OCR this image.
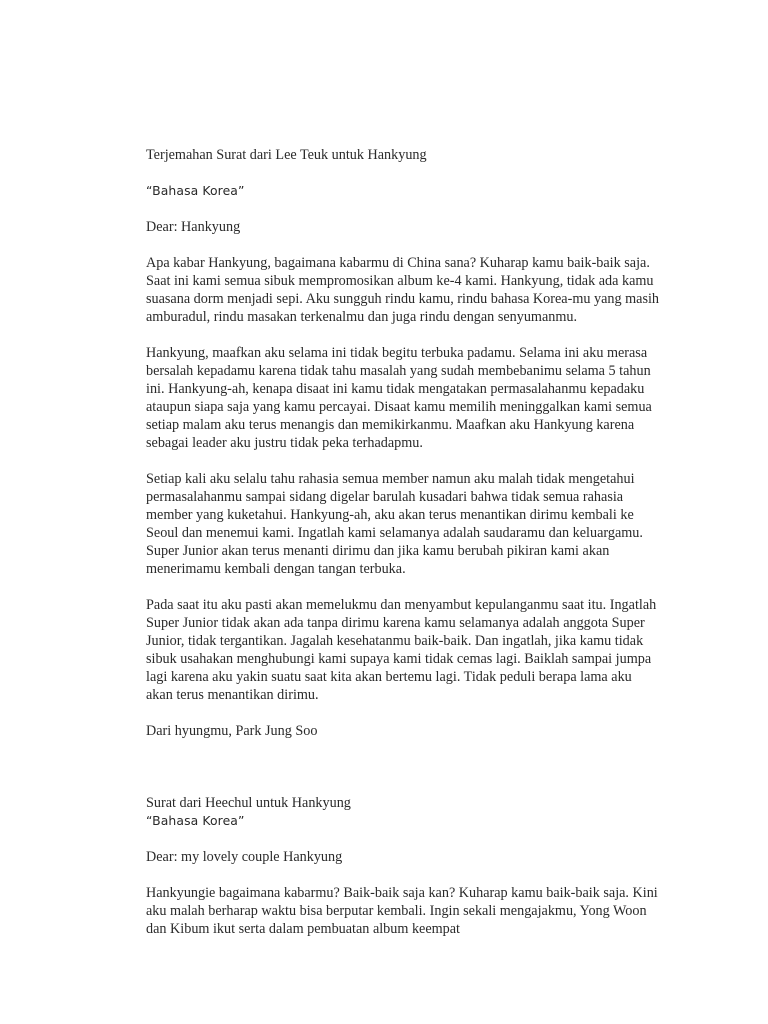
Terjemahan Surat dari Lee Teuk untuk Hankyung

“Bahasa Korea”

Dear: Hankyung

Apa kabar Hankyung, bagaimana kabarmu di China sana? Kuharap kamu baik-baik saja. Saat ini kami semua sibuk mempromosikan album ke-4 kami. Hankyung, tidak ada kamu suasana dorm menjadi sepi. Aku sungguh rindu kamu, rindu bahasa Korea-mu yang masih amburadul, rindu masakan terkenalmu dan juga rindu dengan senyumanmu.

Hankyung, maafkan aku selama ini tidak begitu terbuka padamu. Selama ini aku merasa bersalah kepadamu karena tidak tahu masalah yang sudah membebanimu selama 5 tahun ini. Hankyung-ah, kenapa disaat ini kamu tidak mengatakan permasalahanmu kepadaku ataupun siapa saja yang kamu percayai. Disaat kamu memilih meninggalkan kami semua setiap malam aku terus menangis dan memikirkanmu. Maafkan aku Hankyung karena sebagai leader aku justru tidak peka terhadapmu.

Setiap kali aku selalu tahu rahasia semua member namun aku malah tidak mengetahui permasalahanmu sampai sidang digelar barulah kusadari bahwa tidak semua rahasia member yang kuketahui. Hankyung-ah, aku akan terus menantikan dirimu kembali ke Seoul dan menemui kami. Ingatlah kami selamanya adalah saudaramu dan keluargamu. Super Junior akan terus menanti dirimu dan jika kamu berubah pikiran kami akan menerimamu kembali dengan tangan terbuka.

Pada saat itu aku pasti akan memelukmu dan menyambut kepulanganmu saat itu. Ingatlah Super Junior tidak akan ada tanpa dirimu karena kamu selamanya adalah anggota Super Junior, tidak tergantikan. Jagalah kesehatanmu baik-baik. Dan ingatlah, jika kamu tidak sibuk usahakan menghubungi kami supaya kami tidak cemas lagi. Baiklah sampai jumpa lagi karena aku yakin suatu saat kita akan bertemu lagi. Tidak peduli berapa lama aku akan terus menantikan dirimu.

Dari hyungmu, Park Jung Soo

Surat dari Heechul untuk Hankyung

“Bahasa Korea”

Dear: my lovely couple Hankyung

Hankyungie bagaimana kabarmu? Baik-baik saja kan? Kuharap kamu baik-baik saja. Kini aku malah berharap waktu bisa berputar kembali. Ingin sekali mengajakmu, Yong Woon dan Kibum ikut serta dalam pembuatan album keempat
